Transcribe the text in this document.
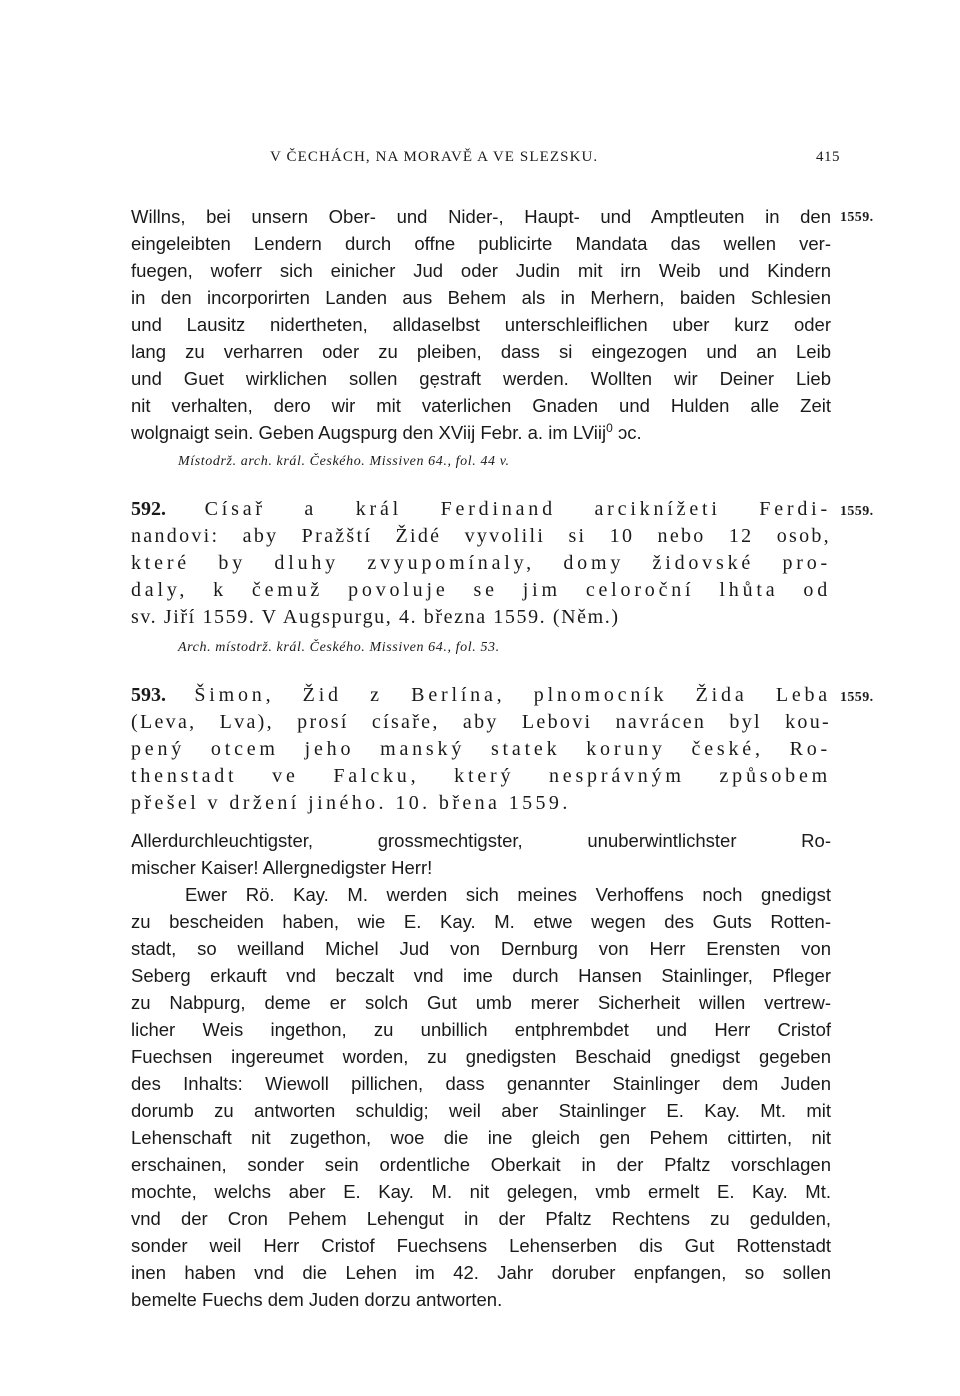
V ČECHÁCH, NA MORAVĚ A VE SLEZSKU.	415
Willns, bei unsern Ober- und Nider-, Haupt- und Amptleuten in den 1559.
eingeleibten Lendern durch offne publicirte Mandata das wellen ver-
fuegen, woferr sich einicher Jud oder Judin mit irn Weib und Kindern
in den incorporirten Landen aus Behem als in Merhern, baiden Schlesien
und Lausitz nidertheten, alldaselbst unterschleiflichen uber kurz oder
lang zu verharren oder zu pleiben, dass si eingezogen und an Leib
und Guet wirklichen sollen gẹstraft werden. Wollten wir Deiner Lieb
nit verhalten, dero wir mit vaterlichen Gnaden und Hulden alle Zeit
wolgnaigt sein. Geben Augspurg den XViij Febr. a. im LViij$^0$ ɔc.
Místodrž. arch. král. Českého. Missiven 64., fol. 44 v.
592. Císař a král Ferdinand arciknížeti Ferdi- 1559.
nandovi: aby Pražští Židé vyvolili si 10 nebo 12 osob,
které by dluhy zvyupomínaly, domy židovské pro-
daly, k čemuž povoluje se jim celoroční lhůta od
sv. Jiří 1559. V Augspurgu, 4. března 1559. (Něm.)
Arch. místodrž. král. Českého. Missiven 64., fol. 53.
593. Šimon, Žid z Berlína, plnomocník Žida Leba 1559.
(Leva, Lva), prosí císaře, aby Lebovi navrácen byl kou-
pený otcem jeho manský statek koruny české, Ro-
thenstadt ve Falcku, který nesprávným způsobem
přešel v držení jiného. 10. břena 1559.
Allerdurchleuchtigster, grossmechtigster, unuberwintlichster Ro-
mischer Kaiser! Allergnedigster Herr!
Ewer Rö. Kay. M. werden sich meines Verhoffens noch gnedigst
zu bescheiden haben, wie E. Kay. M. etwe wegen des Guts Rotten-
stadt, so weilland Michel Jud von Dernburg von Herr Erensten von
Seberg erkauft vnd beczalt vnd ime durch Hansen Stainlinger, Pfleger
zu Nabpurg, deme er solch Gut umb merer Sicherheit willen vertrew-
licher Weis ingethon, zu unbillich entphrembdet und Herr Cristof
Fuechsen ingereumet worden, zu gnedigsten Beschaid gnedigst gegeben
des Inhalts: Wiewoll pillichen, dass genannter Stainlinger dem Juden
dorumb zu antworten schuldig; weil aber Stainlinger E. Kay. Mt. mit
Lehenschaft nit zugethon, woe die ine gleich gen Pehem cittirten, nit
erschainen, sonder sein ordentliche Oberkait in der Pfaltz vorschlagen
mochte, welchs aber E. Kay. M. nit gelegen, vmb ermelt E. Kay. Mt.
vnd der Cron Pehem Lehengut in der Pfaltz Rechtens zu gedulden,
sonder weil Herr Cristof Fuechsens Lehenserben dis Gut Rottenstadt
inen haben vnd die Lehen im 42. Jahr doruber enpfangen, so sollen
bemelte Fuechs dem Juden dorzu antworten.
